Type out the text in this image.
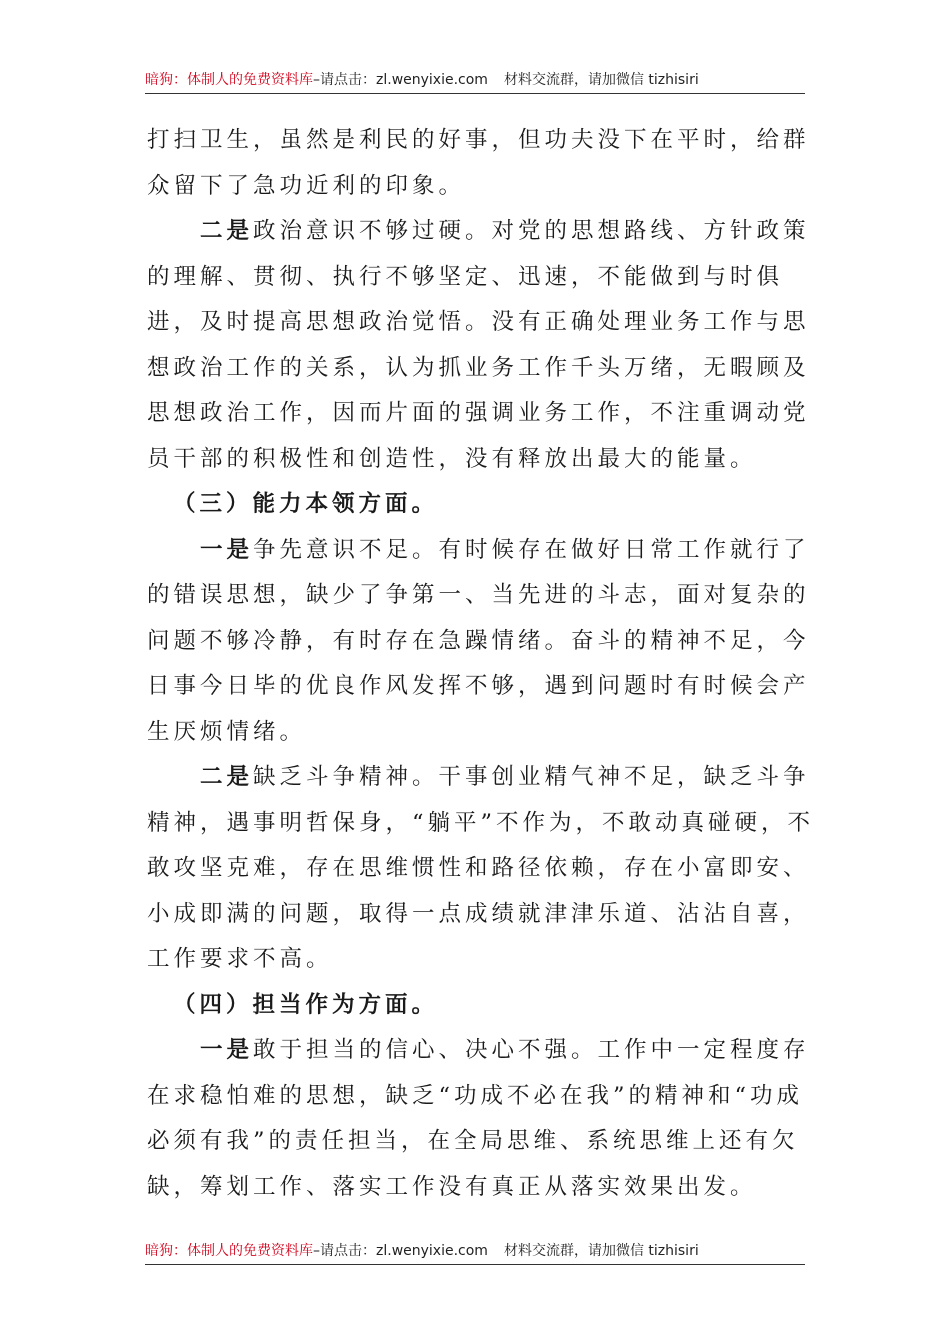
暗狗：体制人的免费资料库–请点击：zl.wenyixie.com 材料交流群，请加微信 tizhisiri

打扫卫生，虽然是利民的好事，但功夫没下在平时，给群众留下了急功近利的印象。

二是政治意识不够过硬。对党的思想路线、方针政策的理解、贯彻、执行不够坚定、迅速，不能做到与时俱进，及时提高思想政治觉悟。没有正确处理业务工作与思想政治工作的关系，认为抓业务工作千头万绪，无暇顾及思想政治工作，因而片面的强调业务工作，不注重调动党员干部的积极性和创造性，没有释放出最大的能量。

（三）能力本领方面。

一是争先意识不足。有时候存在做好日常工作就行了的错误思想，缺少了争第一、当先进的斗志，面对复杂的问题不够冷静，有时存在急躁情绪。奋斗的精神不足，今日事今日毕的优良作风发挥不够，遇到问题时有时候会产生厌烦情绪。

二是缺乏斗争精神。干事创业精气神不足，缺乏斗争精神，遇事明哲保身，“躺平”不作为，不敢动真碰硬，不敢攻坚克难，存在思维惯性和路径依赖，存在小富即安、小成即满的问题，取得一点成绩就津津乐道、沾沾自喜，工作要求不高。

（四）担当作为方面。

一是敢于担当的信心、决心不强。工作中一定程度存在求稳怕难的思想，缺乏“功成不必在我”的精神和“功成必须有我”的责任担当，在全局思维、系统思维上还有欠缺，筹划工作、落实工作没有真正从落实效果出发。

暗狗：体制人的免费资料库–请点击：zl.wenyixie.com 材料交流群，请加微信 tizhisiri
